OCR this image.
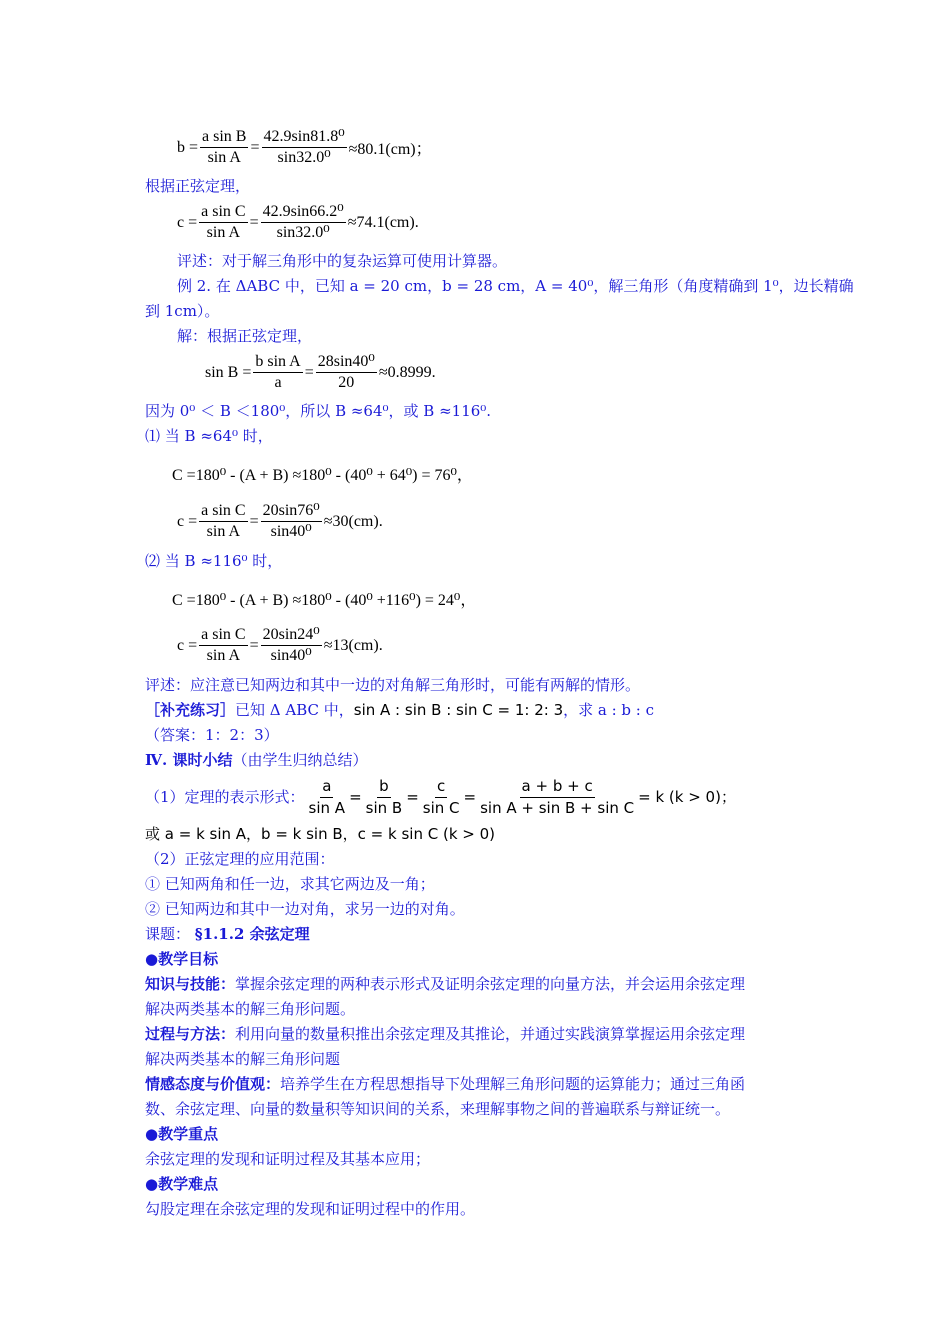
$b = \frac{\text{a sin B}}{\text{sin A}} = \frac{\text{42.9sin81.8⁰}}{\text{sin32.0⁰}} \approx 80.1(cm)$；
根据正弦定理，
$c = \frac{\text{a sin C}}{\text{sin A}} = \frac{\text{42.9sin66.2⁰}}{\text{sin32.0⁰}} \approx 74.1(cm)$.
评述：对于解三角形中的复杂运算可使用计算器。
例 2. 在 ΔABC 中，已知 a = 20 cm，b = 28 cm，A = 40⁰，解三角形（角度精确到 1⁰，边长精确
到 1cm）。
解：根据正弦定理，
$\sin B = \frac{\text{b sin A}}{a} = \frac{\text{28sin40⁰}}{20} \approx 0.8999$.
因为 0⁰ ＜ B ＜180⁰，所以 B ≈64⁰，或 B ≈116⁰.
⑴ 当 B ≈64⁰ 时，
C =180⁰ - (A + B) ≈180⁰ - (40⁰ + 64⁰) = 76⁰，
$c = \frac{\text{a sin C}}{\text{sin A}} = \frac{\text{20sin76⁰}}{\text{sin40⁰}} \approx 30(cm)$.
⑵ 当 B ≈116⁰ 时，
C =180⁰ - (A + B) ≈180⁰ - (40⁰ +116⁰) = 24⁰，
$c = \frac{\text{a sin C}}{\text{sin A}} = \frac{\text{20sin24⁰}}{\text{sin40⁰}} \approx 13(cm)$.
评述：应注意已知两边和其中一边的对角解三角形时，可能有两解的情形。
［补充练习］已知 Δ ABC 中，sin A : sin B : sin C = 1: 2: 3，求 a : b : c
（答案：1：2：3）
Ⅳ. 课时小结（由学生归纳总结）
（1）定理的表示形式： $\frac{a}{\text{sin A}} = \frac{b}{\text{sin B}} = \frac{c}{\text{sin C}} = \frac{a + b + c}{\text{sin A + sin B + sin C}} = k$ (k > 0)；
或 a = k sin A，b = k sin B，c = k sin C (k > 0)
（2）正弦定理的应用范围：
① 已知两角和任一边，求其它两边及一角；
② 已知两边和其中一边对角，求另一边的对角。
课题： §1.1.2 余弦定理
●教学目标
知识与技能：掌握余弦定理的两种表示形式及证明余弦定理的向量方法，并会运用余弦定理
解决两类基本的解三角形问题。
过程与方法：利用向量的数量积推出余弦定理及其推论，并通过实践演算掌握运用余弦定理
解决两类基本的解三角形问题
情感态度与价值观：培养学生在方程思想指导下处理解三角形问题的运算能力；通过三角函
数、余弦定理、向量的数量积等知识间的关系，来理解事物之间的普遍联系与辩证统一。
●教学重点
余弦定理的发现和证明过程及其基本应用；
●教学难点
勾股定理在余弦定理的发现和证明过程中的作用。
